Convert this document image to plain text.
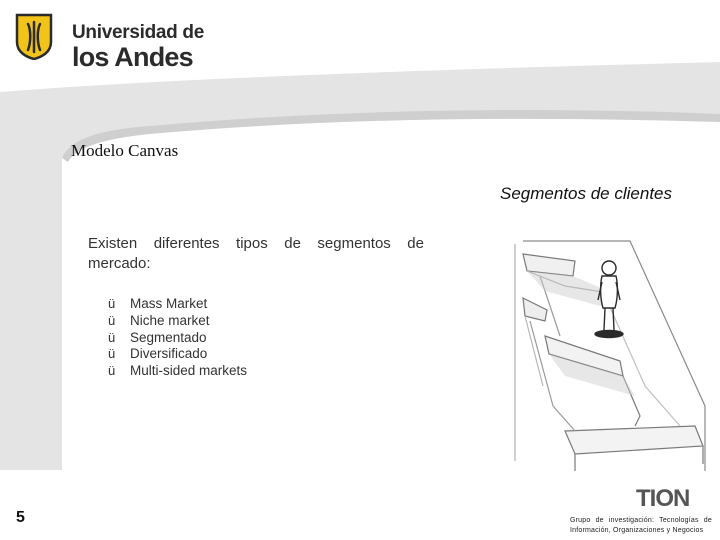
Universidad de
los Andes
Modelo Canvas
Segmentos de clientes
Existen diferentes tipos de segmentos de mercado:
ü Mass Market
ü Niche market
ü Segmentado
ü Diversificado
ü Multi-sided markets
5
TION
Grupo de investigación: Tecnologías de Información, Organizaciones y Negocios
